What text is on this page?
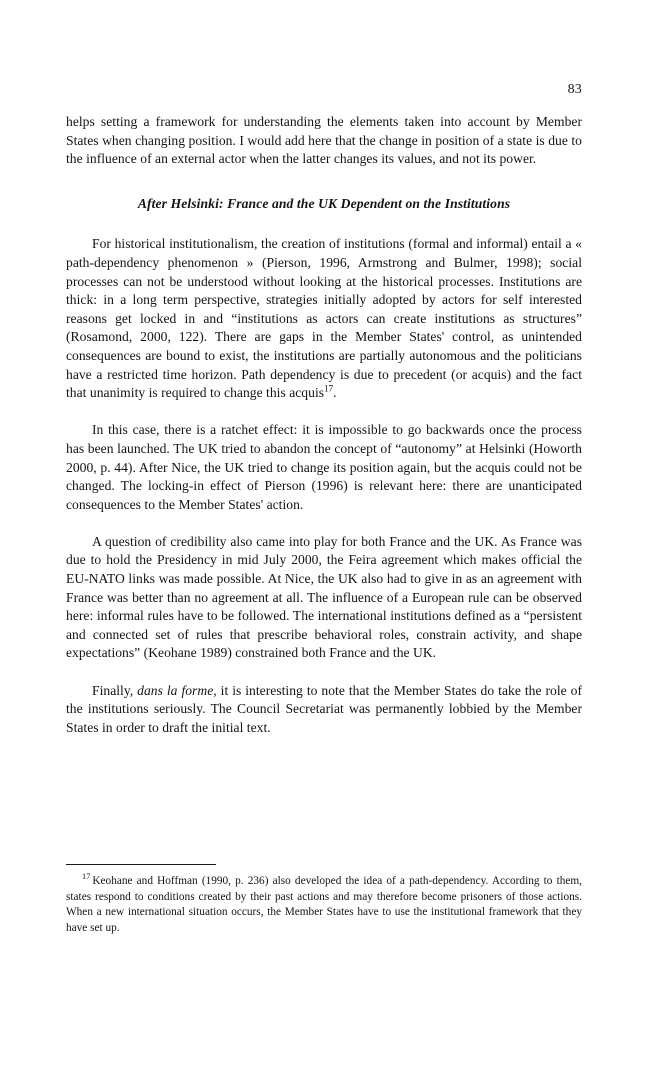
83

helps setting a framework for understanding the elements taken into account by Member States when changing position. I would add here that the change in position of a state is due to the influence of an external actor when the latter changes its values, and not its power.

After Helsinki: France and the UK Dependent on the Institutions

For historical institutionalism, the creation of institutions (formal and informal) entail a « path-dependency phenomenon » (Pierson, 1996, Armstrong and Bulmer, 1998); social processes can not be understood without looking at the historical processes. Institutions are thick: in a long term perspective, strategies initially adopted by actors for self interested reasons get locked in and “institutions as actors can create institutions as structures” (Rosamond, 2000, 122). There are gaps in the Member States' control, as unintended consequences are bound to exist, the institutions are partially autonomous and the politicians have a restricted time horizon. Path dependency is due to precedent (or acquis) and the fact that unanimity is required to change this acquis$^{17}$.

In this case, there is a ratchet effect: it is impossible to go backwards once the process has been launched. The UK tried to abandon the concept of “autonomy” at Helsinki (Howorth 2000, p. 44). After Nice, the UK tried to change its position again, but the acquis could not be changed. The locking-in effect of Pierson (1996) is relevant here: there are unanticipated consequences to the Member States' action.

A question of credibility also came into play for both France and the UK. As France was due to hold the Presidency in mid July 2000, the Feira agreement which makes official the EU-NATO links was made possible. At Nice, the UK also had to give in as an agreement with France was better than no agreement at all. The influence of a European rule can be observed here: informal rules have to be followed. The international institutions defined as a “persistent and connected set of rules that prescribe behavioral roles, constrain activity, and shape expectations” (Keohane 1989) constrained both France and the UK.

Finally, dans la forme, it is interesting to note that the Member States do take the role of the institutions seriously. The Council Secretariat was permanently lobbied by the Member States in order to draft the initial text.

$^{17}$ Keohane and Hoffman (1990, p. 236) also developed the idea of a path-dependency. According to them, states respond to conditions created by their past actions and may therefore become prisoners of those actions. When a new international situation occurs, the Member States have to use the institutional framework that they have set up.
